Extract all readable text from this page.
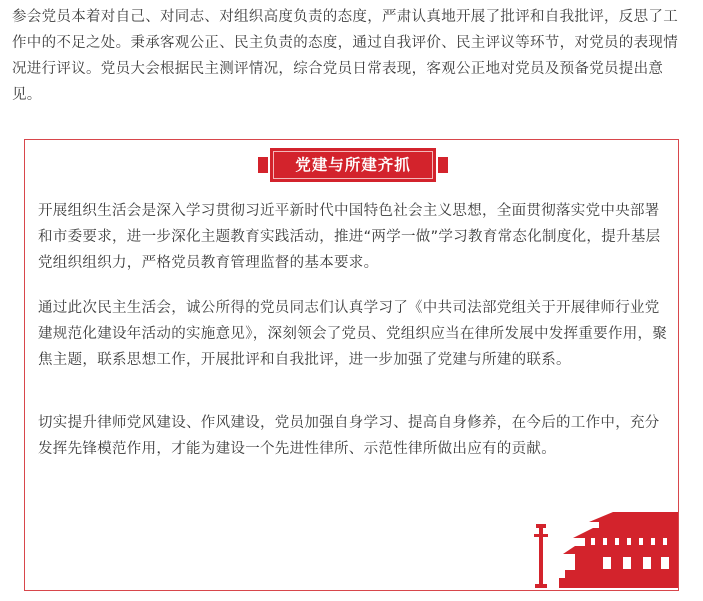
参会党员本着对自己、对同志、对组织高度负责的态度，严肃认真地开展了批评和自我批评，反思了工作中的不足之处。秉承客观公正、民主负责的态度，通过自我评价、民主评议等环节，对党员的表现情况进行评议。党员大会根据民主测评情况，综合党员日常表现，客观公正地对党员及预备党员提出意见。

党建与所建齐抓

开展组织生活会是深入学习贯彻习近平新时代中国特色社会主义思想，全面贯彻落实党中央部署和市委要求，进一步深化主题教育实践活动，推进“两学一做”学习教育常态化制度化，提升基层党组织组织力，严格党员教育管理监督的基本要求。

通过此次民主生活会，诚公所得的党员同志们认真学习了《中共司法部党组关于开展律师行业党建规范化建设年活动的实施意见》，深刻领会了党员、党组织应当在律所发展中发挥重要作用，聚焦主题，联系思想工作，开展批评和自我批评，进一步加强了党建与所建的联系。

切实提升律师党风建设、作风建设，党员加强自身学习、提高自身修养，在今后的工作中，充分发挥先锋模范作用，才能为建设一个先进性律所、示范性律所做出应有的贡献。
